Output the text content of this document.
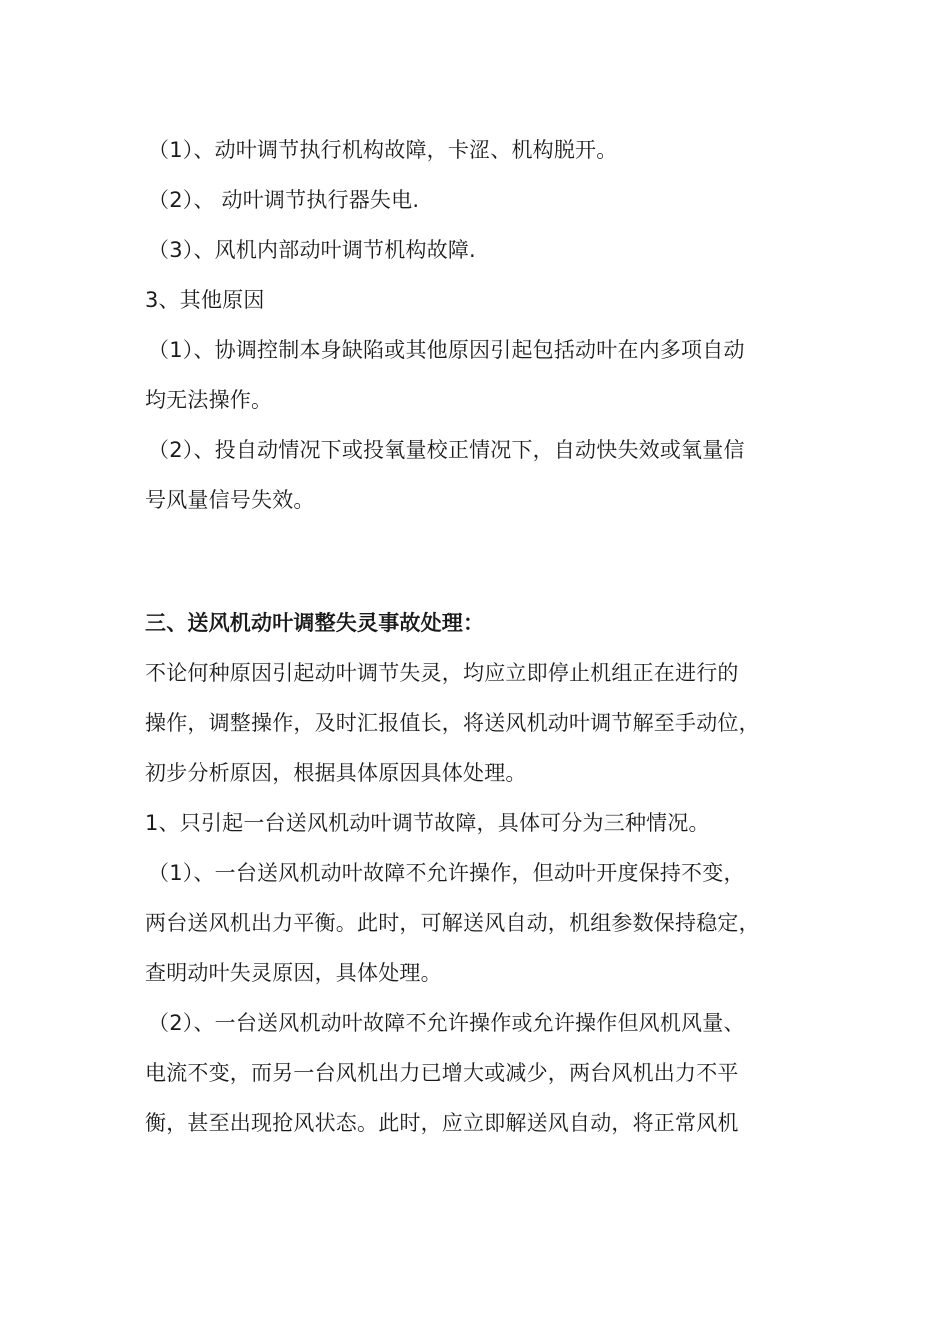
（1）、动叶调节执行机构故障，卡涩、机构脱开。
（2）、 动叶调节执行器失电.
（3）、风机内部动叶调节机构故障.
3、其他原因
（1）、协调控制本身缺陷或其他原因引起包括动叶在内多项自动
均无法操作。
（2）、投自动情况下或投氧量校正情况下，自动快失效或氧量信
号风量信号失效。
三、送风机动叶调整失灵事故处理：
不论何种原因引起动叶调节失灵，均应立即停止机组正在进行的
操作，调整操作，及时汇报值长，将送风机动叶调节解至手动位，
初步分析原因，根据具体原因具体处理。
1、只引起一台送风机动叶调节故障，具体可分为三种情况。
（1）、一台送风机动叶故障不允许操作，但动叶开度保持不变，
两台送风机出力平衡。此时，可解送风自动，机组参数保持稳定，
查明动叶失灵原因，具体处理。
（2）、一台送风机动叶故障不允许操作或允许操作但风机风量、
电流不变，而另一台风机出力已增大或减少，两台风机出力不平
衡，甚至出现抢风状态。此时，应立即解送风自动，将正常风机
